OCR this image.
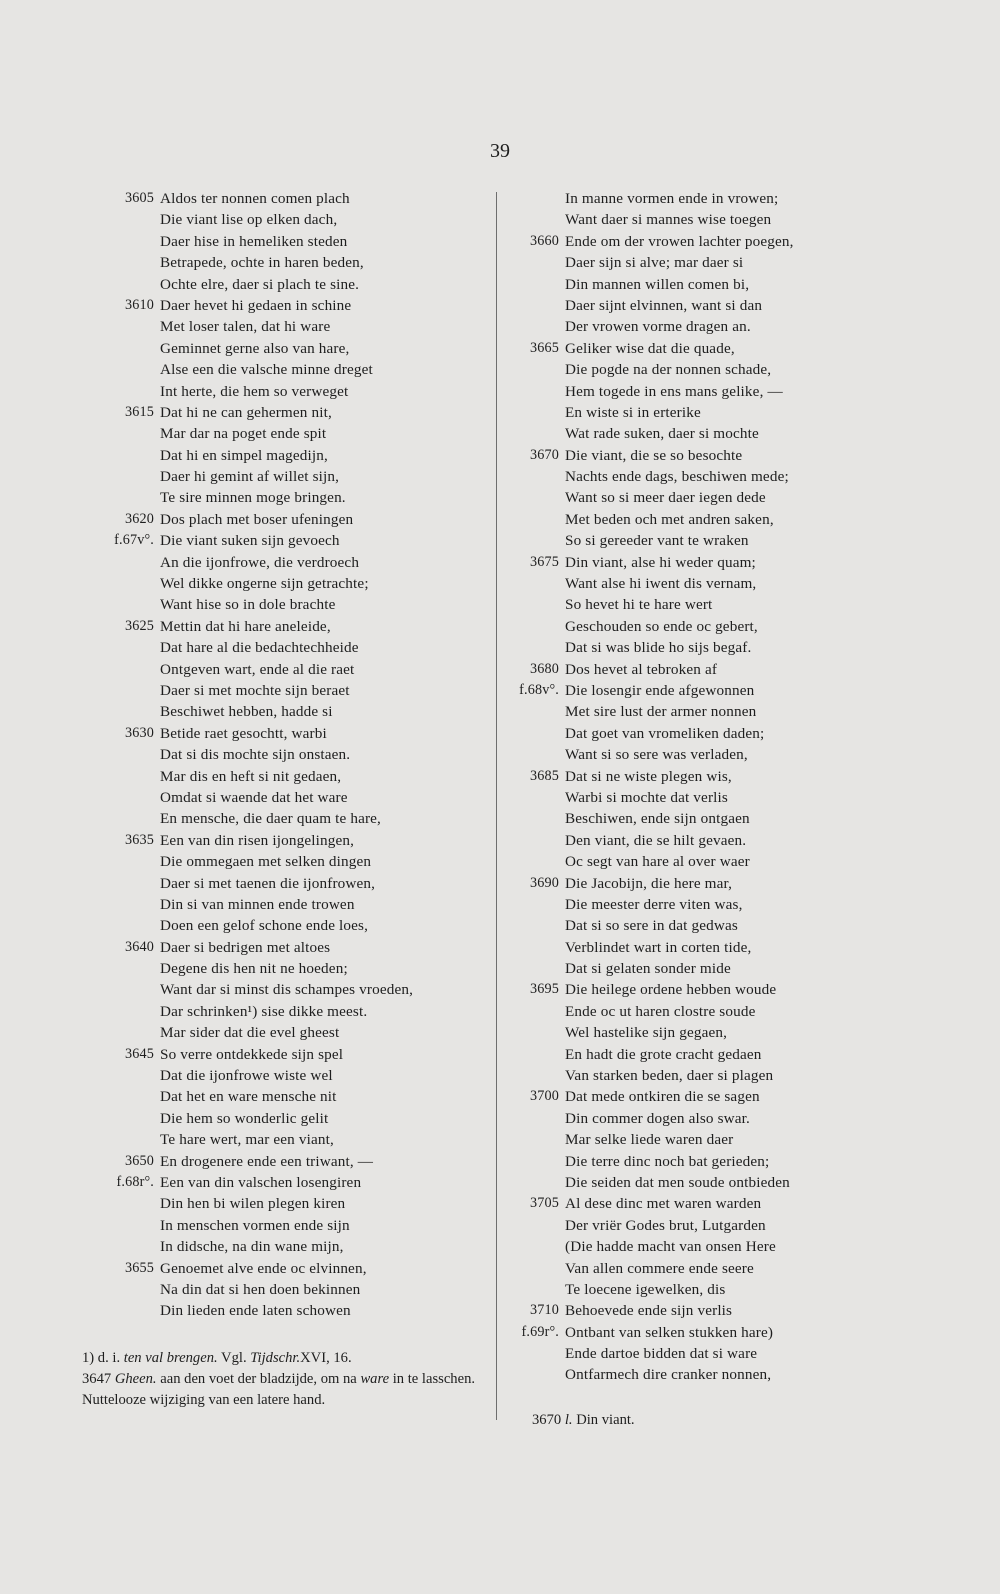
39
3605 Aldos ter nonnen comen plach
Die viant lise op elken dach,
Daer hise in hemeliken steden
Betrapede, ochte in haren beden,
Ochte elre, daer si plach te sine.
3610 Daer hevet hi gedaen in schine
Met loser talen, dat hi ware
Geminnet gerne also van hare,
Alse een die valsche minne dreget
Int herte, die hem so verweget
3615 Dat hi ne can gehermen nit,
Mar dar na poget ende spit
Dat hi en simpel magedijn,
Daer hi gemint af willet sijn,
Te sire minnen moge bringen.
3620 Dos plach met boser ufeningen
f.67v°. Die viant suken sijn gevoech
An die ijonfrowe, die verdroech
Wel dikke ongerne sijn getrachte;
Want hise so in dole brachte
3625 Mettin dat hi hare aneleide,
Dat hare al die bedachtechheide
Ontgeven wart, ende al die raet
Daer si met mochte sijn beraet
Beschiwet hebben, hadde si
3630 Betide raet gesochtt, warbi
Dat si dis mochte sijn onstaen.
Mar dis en heft si nit gedaen,
Omdat si waende dat het ware
En mensche, die daer quam te hare,
3635 Een van din risen ijongelingen,
Die ommegaen met selken dingen
Daer si met taenen die ijonfrowen,
Din si van minnen ende trowen
Doen een gelof schone ende loes,
3640 Daer si bedrigen met altoes
Degene dis hen nit ne hoeden;
Want dar si minst dis schampes vroeden,
Dar schrinken¹) sise dikke meest.
Mar sider dat die evel gheest
3645 So verre ontdekkede sijn spel
Dat die ijonfrowe wiste wel
Dat het en ware mensche nit
Die hem so wonderlic gelit
Te hare wert, mar een viant,
3650 En drogenere ende een triwant, —
f.68r°. Een van din valschen losengiren
Din hen bi wilen plegen kiren
In menschen vormen ende sijn
In didsche, na din wane mijn,
3655 Genoemet alve ende oc elvinnen,
Na din dat si hen doen bekinnen
Din lieden ende laten schowen
In manne vormen ende in vrowen;
Want daer si mannes wise toegen
3660 Ende om der vrowen lachter poegen,
Daer sijn si alve; mar daer si
Din mannen willen comen bi,
Daer sijnt elvinnen, want si dan
Der vrowen vorme dragen an.
3665 Geliker wise dat die quade,
Die pogde na der nonnen schade,
Hem togede in ens mans gelike, —
En wiste si in erterike
Wat rade suken, daer si mochte
3670 Die viant, die se so besochte
Nachts ende dags, beschiwen mede;
Want so si meer daer iegen dede
Met beden och met andren saken,
So si gereeder vant te wraken
3675 Din viant, alse hi weder quam;
Want alse hi iwent dis vernam,
So hevet hi te hare wert
Geschouden so ende oc gebert,
Dat si was blide ho sijs begaf.
3680 Dos hevet al tebroken af
f.68v°. Die losengir ende afgewonnen
Met sire lust der armer nonnen
Dat goet van vromeliken daden;
Want si so sere was verladen,
3685 Dat si ne wiste plegen wis,
Warbi si mochte dat verlis
Beschiwen, ende sijn ontgaen
Den viant, die se hilt gevaen.
Oc segt van hare al over waer
3690 Die Jacobijn, die here mar,
Die meester derre viten was,
Dat si so sere in dat gedwas
Verblindet wart in corten tide,
Dat si gelaten sonder mide
3695 Die heilege ordene hebben woude
Ende oc ut haren clostre soude
Wel hastelike sijn gegaen,
En hadt die grote cracht gedaen
Van starken beden, daer si plagen
3700 Dat mede ontkiren die se sagen
Din commer dogen also swar.
Mar selke liede waren daer
Die terre dinc noch bat gerieden;
Die seiden dat men soude ontbieden
3705 Al dese dinc met waren warden
Der vriër Godes brut, Lutgarden
(Die hadde macht van onsen Here
Van allen commere ende seere
Te loecene igewelken, dis
3710 Behoevede ende sijn verlis
f.69r°. Ontbant van selken stukken hare)
Ende dartoe bidden dat si ware
Ontfarmech dire cranker nonnen,

1) d. i. ten val brengen. Vgl. Tijdschr.XVI, 16.

3647 Gheen. aan den voet der bladzijde, om na ware in te lasschen. Nuttelooze wijziging van een latere hand.

3670 l. Din viant.
